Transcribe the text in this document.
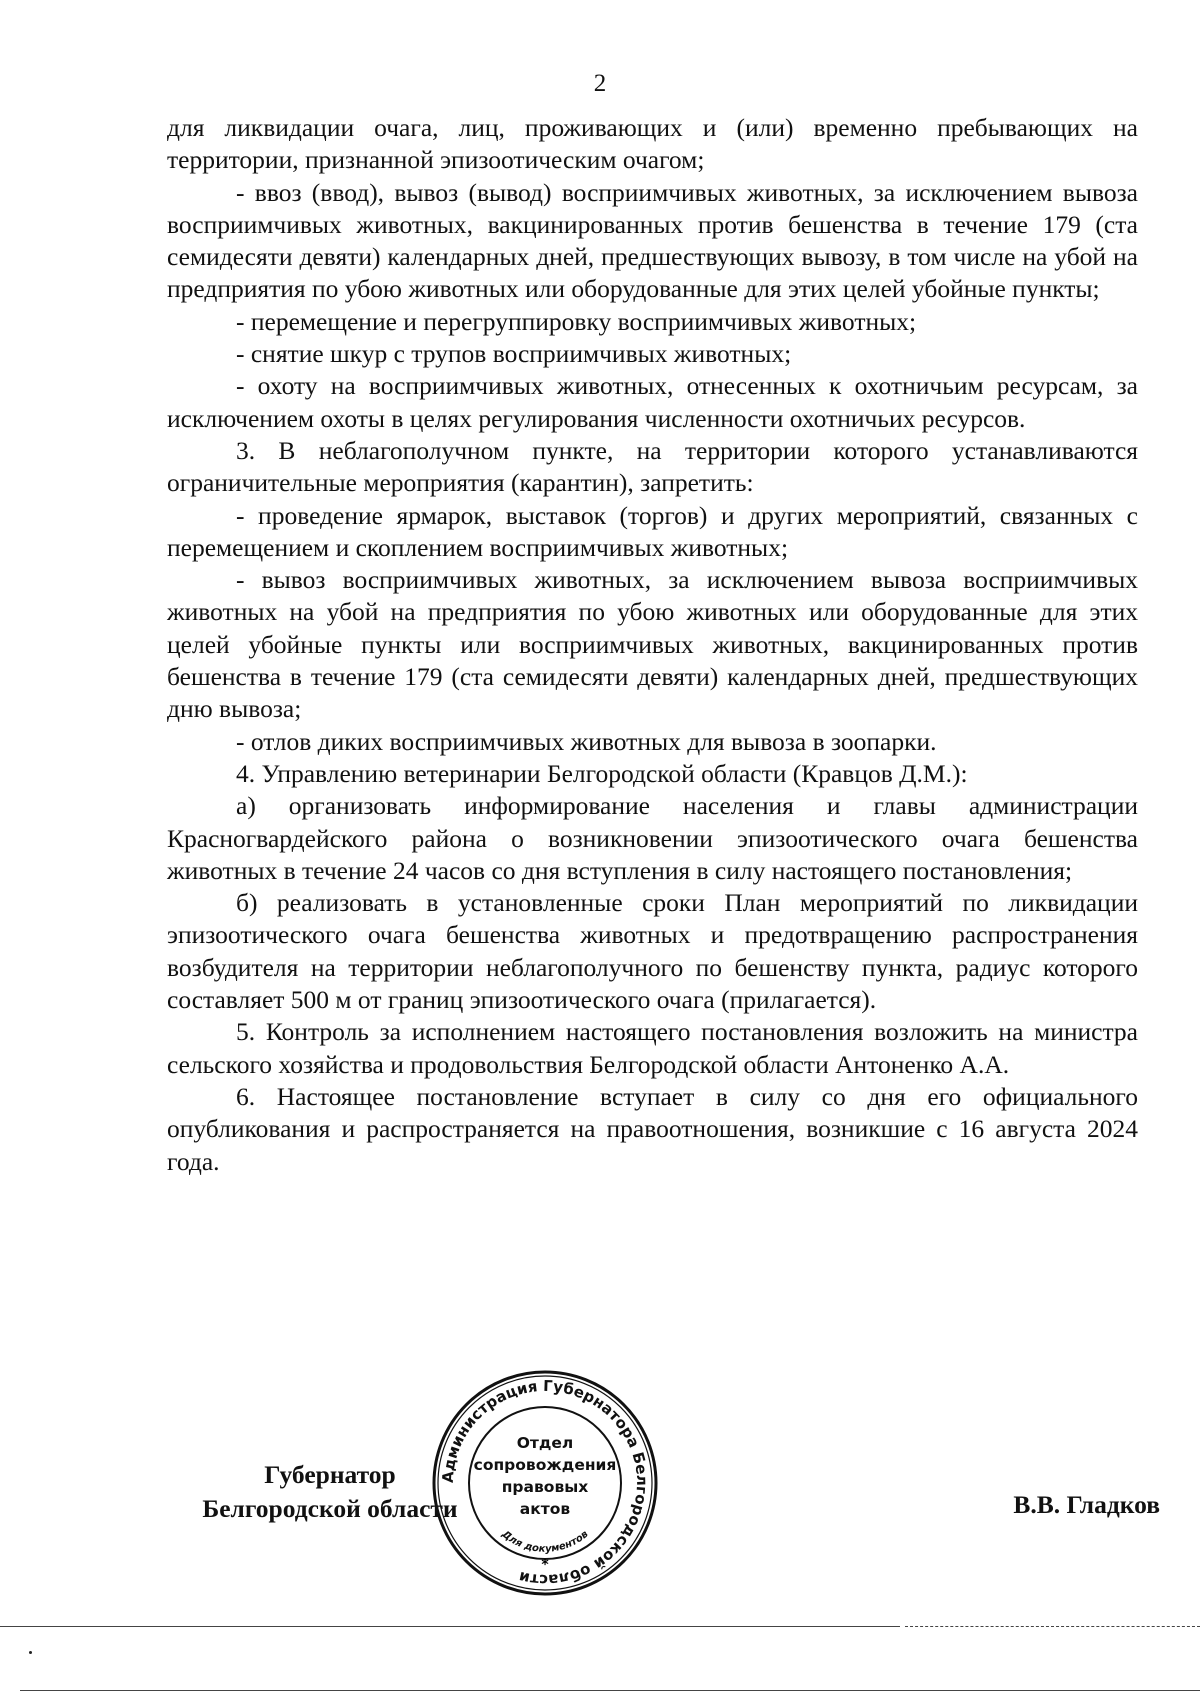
2

для ликвидации очага, лиц, проживающих и (или) временно пребывающих на территории, признанной эпизоотическим очагом;

- ввоз (ввод), вывоз (вывод) восприимчивых животных, за исключением вывоза восприимчивых животных, вакцинированных против бешенства в течение 179 (ста семидесяти девяти) календарных дней, предшествующих вывозу, в том числе на убой на предприятия по убою животных или оборудованные для этих целей убойные пункты;

- перемещение и перегруппировку восприимчивых животных;

- снятие шкур с трупов восприимчивых животных;

- охоту на восприимчивых животных, отнесенных к охотничьим ресурсам, за исключением охоты в целях регулирования численности охотничьих ресурсов.

3. В неблагополучном пункте, на территории которого устанавливаются ограничительные мероприятия (карантин), запретить:

- проведение ярмарок, выставок (торгов) и других мероприятий, связанных с перемещением и скоплением восприимчивых животных;

- вывоз восприимчивых животных, за исключением вывоза восприимчивых животных на убой на предприятия по убою животных или оборудованные для этих целей убойные пункты или восприимчивых животных, вакцинированных против бешенства в течение 179 (ста семидесяти девяти) календарных дней, предшествующих дню вывоза;

- отлов диких восприимчивых животных для вывоза в зоопарки.

4. Управлению ветеринарии Белгородской области (Кравцов Д.М.):

а) организовать информирование населения и главы администрации Красногвардейского района о возникновении эпизоотического очага бешенства животных в течение 24 часов со дня вступления в силу настоящего постановления;

б) реализовать в установленные сроки План мероприятий по ликвидации эпизоотического очага бешенства животных и предотвращению распространения возбудителя на территории неблагополучного по бешенству пункта, радиус которого составляет 500 м от границ эпизоотического очага (прилагается).

5. Контроль за исполнением настоящего постановления возложить на министра сельского хозяйства и продовольствия Белгородской области Антоненко А.А.

6. Настоящее постановление вступает в силу со дня его официального опубликования и распространяется на правоотношения, возникшие с 16 августа 2024 года.

Губернатор
Белгородской области	В.В. Гладков
Администрация Губернатора Белгородской области
Отдел
сопровождения
правовых
актов
Для документов
*
